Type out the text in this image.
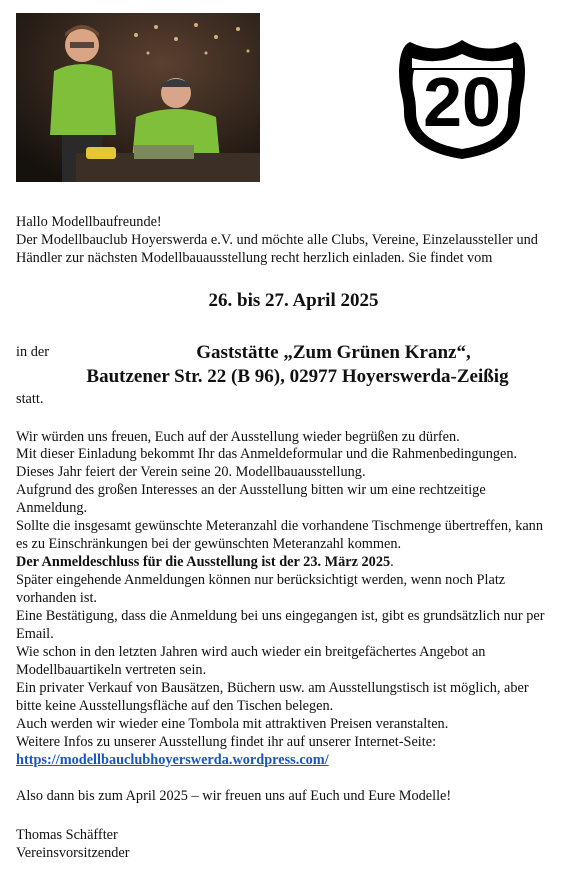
20

Hallo Modellbaufreunde!

Der Modellbauclub Hoyerswerda e.V. und möchte alle Clubs, Vereine, Einzelaussteller und

Händler zur nächsten Modellbauausstellung recht herzlich einladen. Sie findet vom

26. bis 27. April 2025

in der	Gaststätte „Zum Grünen Kranz“,
Bautzener Str. 22 (B 96), 02977 Hoyerswerda-Zeißig

statt.

Wir würden uns freuen, Euch auf der Ausstellung wieder begrüßen zu dürfen.

Mit dieser Einladung bekommt Ihr das Anmeldeformular und die Rahmenbedingungen.

Dieses Jahr feiert der Verein seine 20. Modellbauausstellung.

Aufgrund des großen Interesses an der Ausstellung bitten wir um eine rechtzeitige

Anmeldung.

Sollte die insgesamt gewünschte Meteranzahl die vorhandene Tischmenge übertreffen, kann

es zu Einschränkungen bei der gewünschten Meteranzahl kommen.

Der Anmeldeschluss für die Ausstellung ist der 23. März 2025.

Später eingehende Anmeldungen können nur berücksichtigt werden, wenn noch Platz

vorhanden ist.

Eine Bestätigung, dass die Anmeldung bei uns eingegangen ist, gibt es grundsätzlich nur per

Email.

Wie schon in den letzten Jahren wird auch wieder ein breitgefächertes Angebot an

Modellbauartikeln vertreten sein.

Ein privater Verkauf von Bausätzen, Büchern usw. am Ausstellungstisch ist möglich, aber

bitte keine Ausstellungsfläche auf den Tischen belegen.

Auch werden wir wieder eine Tombola mit attraktiven Preisen veranstalten.

Weitere Infos zu unserer Ausstellung findet ihr auf unserer Internet-Seite:

https://modellbauclubhoyerswerda.wordpress.com/

Also dann bis zum April 2025 – wir freuen uns auf Euch und Eure Modelle!

Thomas Schäffter

Vereinsvorsitzender
